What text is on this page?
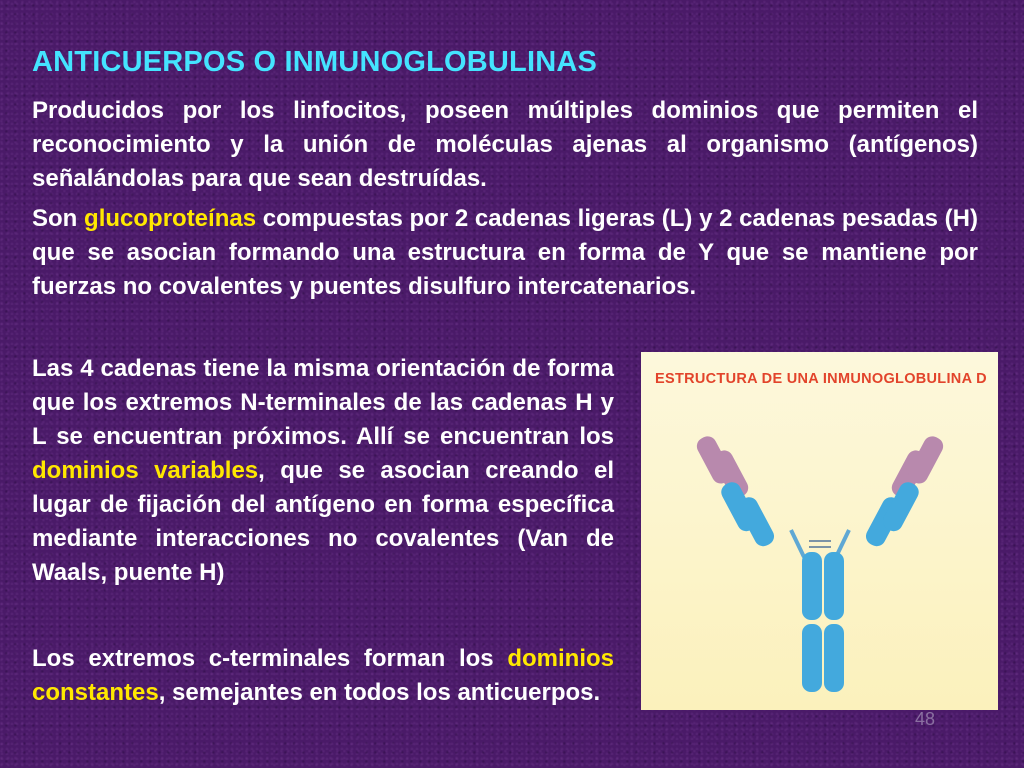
ANTICUERPOS O INMUNOGLOBULINAS

Producidos por los linfocitos, poseen múltiples dominios que permiten el reconocimiento y la unión de moléculas ajenas al organismo (antígenos) señalándolas para que sean destruídas.

Son glucoproteínas compuestas por 2 cadenas ligeras (L) y 2 cadenas pesadas (H) que se asocian formando una estructura en forma de Y que se mantiene por fuerzas no covalentes y puentes disulfuro intercatenarios.

Las 4 cadenas tiene la misma orientación de forma que los extremos N-terminales de las cadenas H y L se encuentran próximos. Allí se encuentran los dominios variables, que se asocian creando el lugar de fijación del antígeno en forma específica mediante interacciones no covalentes (Van de Waals, puente H)

Los extremos c-terminales forman los dominios constantes, semejantes en todos los anticuerpos.

ESTRUCTURA DE UNA INMUNOGLOBULINA D

48
